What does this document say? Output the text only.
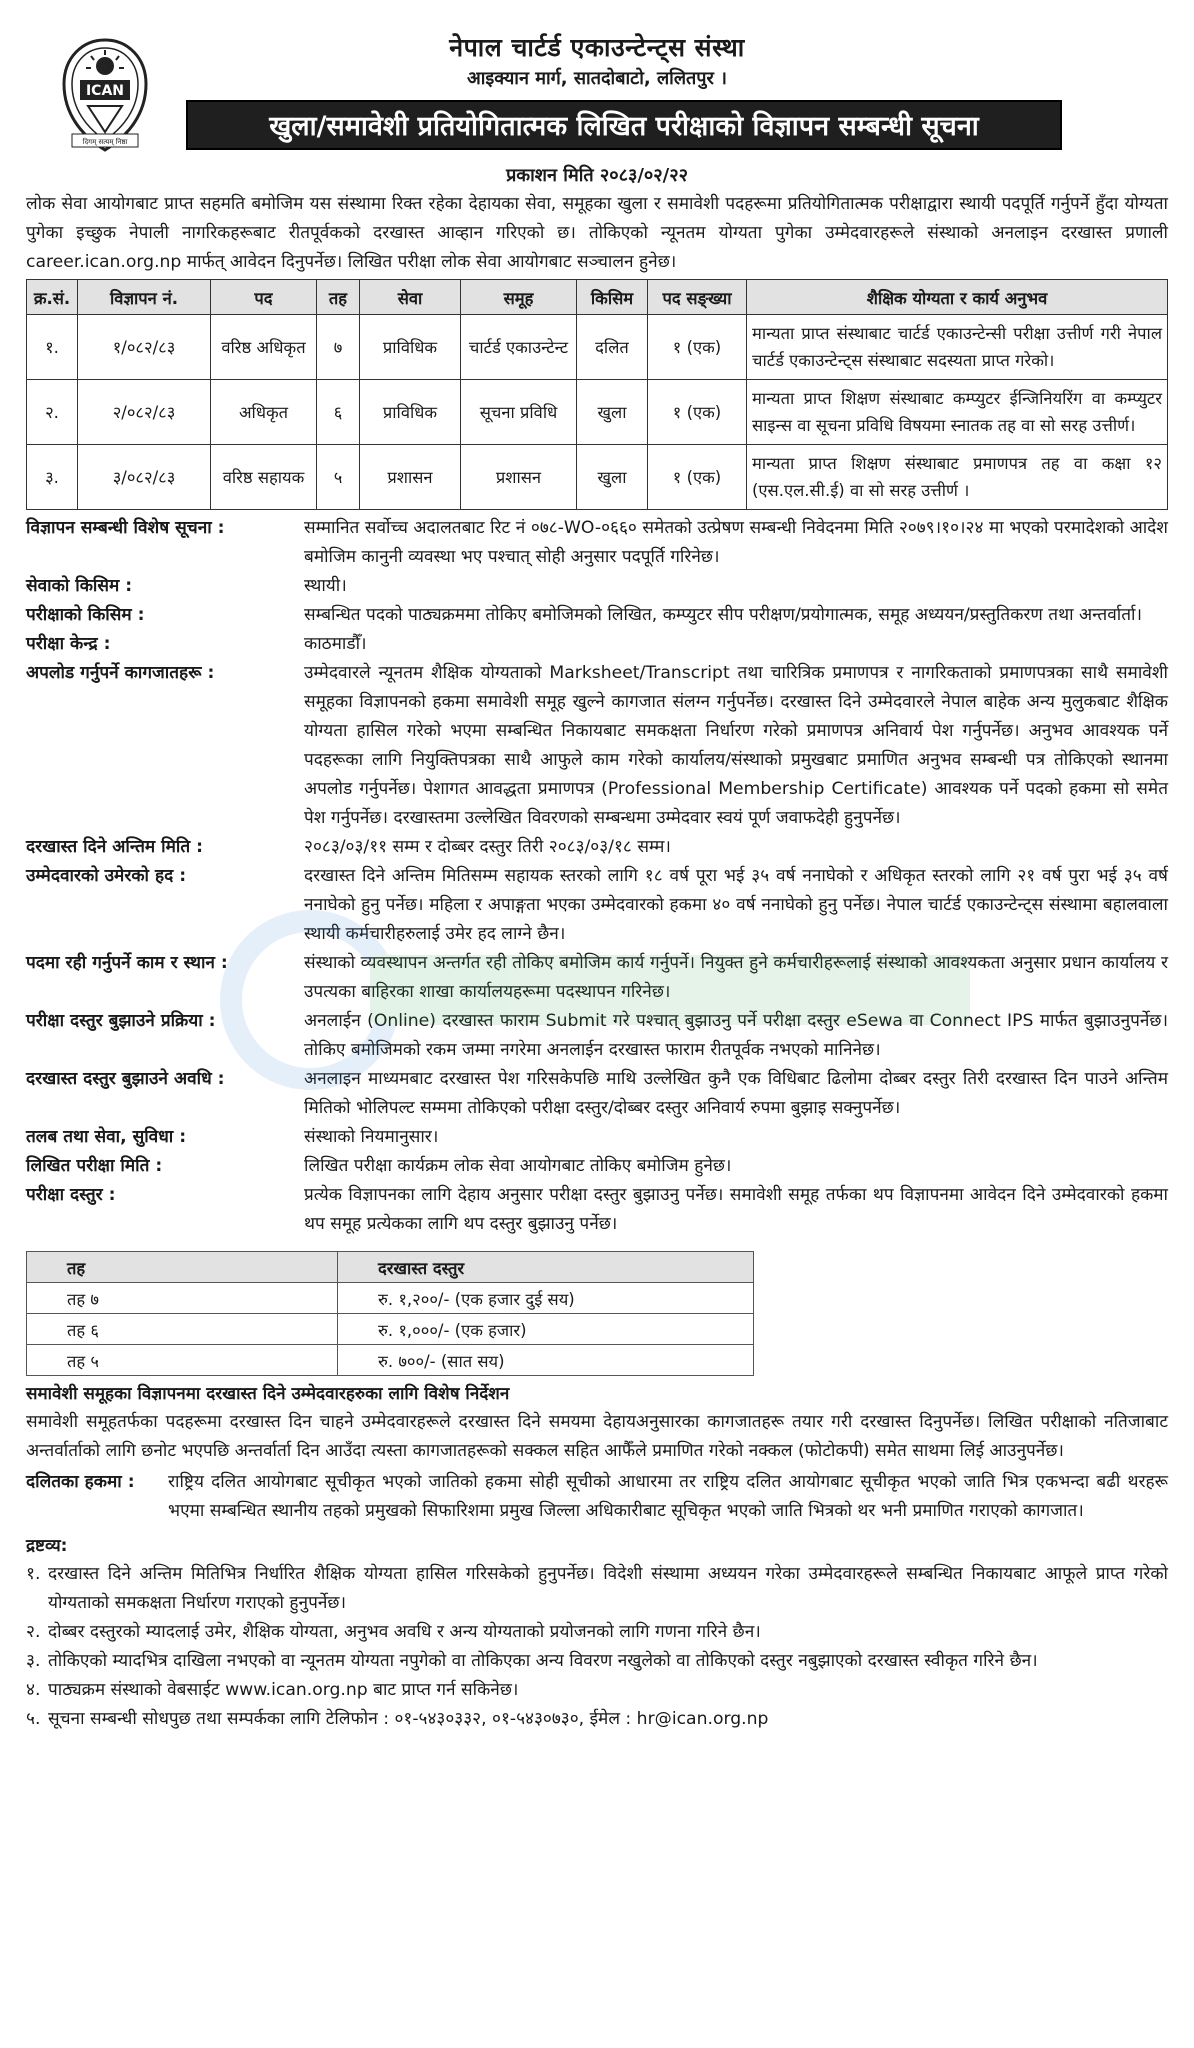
ICAN
दिगम्‌ सत्यम् निष्ठा
नेपाल चार्टर्ड एकाउन्टेन्ट्स संस्था
आइक्यान मार्ग, सातदोबाटो, ललितपुर ।
खुला/समावेशी प्रतियोगितात्मक लिखित परीक्षाको विज्ञापन सम्बन्धी सूचना
प्रकाशन मिति २०८३/०२/२२

लोक सेवा आयोगबाट प्राप्त सहमति बमोजिम यस संस्थामा रिक्त रहेका देहायका सेवा, समूहका खुला र समावेशी पदहरूमा प्रतियोगितात्मक परीक्षाद्वारा स्थायी पदपूर्ति गर्नुपर्ने हुँदा योग्यता पुगेका इच्छुक नेपाली नागरिकहरूबाट रीतपूर्वकको दरखास्त आव्हान गरिएको छ। तोकिएको न्यूनतम योग्यता पुगेका उम्मेदवारहरूले संस्थाको अनलाइन दरखास्त प्रणाली career.ican.org.np मार्फत् आवेदन दिनुपर्नेछ। लिखित परीक्षा लोक सेवा आयोगबाट सञ्चालन हुनेछ।

क्र.सं.	विज्ञापन नं.	पद	तह	सेवा	समूह	किसिम	पद सङ्ख्या	शैक्षिक योग्यता र कार्य अनुभव
१.	१/०८२/८३	वरिष्ठ अधिकृत	७	प्राविधिक	चार्टर्ड एकाउन्टेन्ट	दलित	१ (एक)	मान्यता प्राप्त संस्थाबाट चार्टर्ड एकाउन्टेन्सी परीक्षा उत्तीर्ण गरी नेपाल चार्टर्ड एकाउन्टेन्ट्स संस्थाबाट सदस्यता प्राप्त गरेको।
२.	२/०८२/८३	अधिकृत	६	प्राविधिक	सूचना प्रविधि	खुला	१ (एक)	मान्यता प्राप्त शिक्षण संस्थाबाट कम्प्युटर ईन्जिनियरिंग वा कम्प्युटर साइन्स वा सूचना प्रविधि विषयमा स्नातक तह वा सो सरह उत्तीर्ण।
३.	३/०८२/८३	वरिष्ठ सहायक	५	प्रशासन	प्रशासन	खुला	१ (एक)	मान्यता प्राप्त शिक्षण संस्थाबाट प्रमाणपत्र तह वा कक्षा १२ (एस.एल.सी.ई) वा सो सरह उत्तीर्ण ।
विज्ञापन सम्बन्धी विशेष सूचना :	सम्मानित सर्वोच्च अदालतबाट रिट नं ०७८-WO-०६६० समेतको उत्प्रेषण सम्बन्धी निवेदनमा मिति २०७९।१०।२४ मा भएको परमादेशको आदेश बमोजिम कानुनी व्यवस्था भए पश्चात् सोही अनुसार पदपूर्ति गरिनेछ।
सेवाको किसिम :	स्थायी।
परीक्षाको किसिम :	सम्बन्धित पदको पाठ्यक्रममा तोकिए बमोजिमको लिखित, कम्प्युटर सीप परीक्षण/प्रयोगात्मक, समूह अध्ययन/प्रस्तुतिकरण तथा अन्तर्वार्ता।
परीक्षा केन्द्र :	काठमाडौँ।
अपलोड गर्नुपर्ने कागजातहरू :	उम्मेदवारले न्यूनतम शैक्षिक योग्यताको Marksheet/Transcript तथा चारित्रिक प्रमाणपत्र र नागरिकताको प्रमाणपत्रका साथै समावेशी समूहका विज्ञापनको हकमा समावेशी समूह खुल्ने कागजात संलग्न गर्नुपर्नेछ। दरखास्त दिने उम्मेदवारले नेपाल बाहेक अन्य मुलुकबाट शैक्षिक योग्यता हासिल गरेको भएमा सम्बन्धित निकायबाट समकक्षता निर्धारण गरेको प्रमाणपत्र अनिवार्य पेश गर्नुपर्नेछ। अनुभव आवश्यक पर्ने पदहरूका लागि नियुक्तिपत्रका साथै आफुले काम गरेको कार्यालय/संस्थाको प्रमुखबाट प्रमाणित अनुभव सम्बन्धी पत्र तोकिएको स्थानमा अपलोड गर्नुपर्नेछ। पेशागत आवद्धता प्रमाणपत्र (Professional Membership Certificate) आवश्यक पर्ने पदको हकमा सो समेत पेश गर्नुपर्नेछ। दरखास्तमा उल्लेखित विवरणको सम्बन्धमा उम्मेदवार स्वयं पूर्ण जवाफदेही हुनुपर्नेछ।
दरखास्त दिने अन्तिम मिति :	२०८३/०३/११ सम्म र दोब्बर दस्तुर तिरी २०८३/०३/१८ सम्म।
उम्मेदवारको उमेरको हद :	दरखास्त दिने अन्तिम मितिसम्म सहायक स्तरको लागि १८ वर्ष पूरा भई ३५ वर्ष ननाघेको र अधिकृत स्तरको लागि २१ वर्ष पुरा भई ३५ वर्ष ननाघेको हुनु पर्नेछ। महिला र अपाङ्गता भएका उम्मेदवारको हकमा ४० वर्ष ननाघेको हुनु पर्नेछ। नेपाल चार्टर्ड एकाउन्टेन्ट्स संस्थामा बहालवाला स्थायी कर्मचारीहरुलाई उमेर हद लाग्ने छैन।
पदमा रही गर्नुपर्ने काम र स्थान :	संस्थाको व्यवस्थापन अन्तर्गत रही तोकिए बमोजिम कार्य गर्नुपर्ने। नियुक्त हुने कर्मचारीहरूलाई संस्थाको आवश्यकता अनुसार प्रधान कार्यालय र उपत्यका बाहिरका शाखा कार्यालयहरूमा पदस्थापन गरिनेछ।
परीक्षा दस्तुर बुझाउने प्रक्रिया :	अनलाईन (Online) दरखास्त फाराम Submit गरे पश्चात् बुझाउनु पर्ने परीक्षा दस्तुर eSewa वा Connect IPS मार्फत बुझाउनुपर्नेछ। तोकिए बमोजिमको रकम जम्मा नगरेमा अनलाईन दरखास्त फाराम रीतपूर्वक नभएको मानिनेछ।
दरखास्त दस्तुर बुझाउने अवधि :	अनलाइन माध्यमबाट दरखास्त पेश गरिसकेपछि माथि उल्लेखित कुनै एक विधिबाट ढिलोमा दोब्बर दस्तुर तिरी दरखास्त दिन पाउने अन्तिम मितिको भोलिपल्ट सम्ममा तोकिएको परीक्षा दस्तुर/दोब्बर दस्तुर अनिवार्य रुपमा बुझाइ सक्नुपर्नेछ।
तलब तथा सेवा, सुविधा :	संस्थाको नियमानुसार।
लिखित परीक्षा मिति :	लिखित परीक्षा कार्यक्रम लोक सेवा आयोगबाट तोकिए बमोजिम हुनेछ।
परीक्षा दस्तुर :	प्रत्येक विज्ञापनका लागि देहाय अनुसार परीक्षा दस्तुर बुझाउनु पर्नेछ। समावेशी समूह तर्फका थप विज्ञापनमा आवेदन दिने उम्मेदवारको हकमा थप समूह प्रत्येकका लागि थप दस्तुर बुझाउनु पर्नेछ।
तह	दरखास्त दस्तुर
तह ७	रु. १,२००/- (एक हजार दुई सय)
तह ६	रु. १,०००/- (एक हजार)
तह ५	रु. ७००/- (सात सय)
समावेशी समूहका विज्ञापनमा दरखास्त दिने उम्मेदवारहरुका लागि विशेष निर्देशन

समावेशी समूहतर्फका पदहरूमा दरखास्त दिन चाहने उम्मेदवारहरूले दरखास्त दिने समयमा देहायअनुसारका कागजातहरू तयार गरी दरखास्त दिनुपर्नेछ। लिखित परीक्षाको नतिजाबाट अन्तर्वार्ताको लागि छनोट भएपछि अन्तर्वार्ता दिन आउँदा त्यस्ता कागजातहरूको सक्कल सहित आफैँले प्रमाणित गरेको नक्कल (फोटोकपी) समेत साथमा लिई आउनुपर्नेछ।

दलितका हकमा :	राष्ट्रिय दलित आयोगबाट सूचीकृत भएको जातिको हकमा सोही सूचीको आधारमा तर राष्ट्रिय दलित आयोगबाट सूचीकृत भएको जाति भित्र एकभन्दा बढी थरहरू भएमा सम्बन्धित स्थानीय तहको प्रमुखको सिफारिशमा प्रमुख जिल्ला अधिकारीबाट सूचिकृत भएको जाति भित्रको थर भनी प्रमाणित गराएको कागजात।
द्रष्टव्य:
१. दरखास्त दिने अन्तिम मितिभित्र निर्धारित शैक्षिक योग्यता हासिल गरिसकेको हुनुपर्नेछ। विदेशी संस्थामा अध्ययन गरेका उम्मेदवारहरूले सम्बन्धित निकायबाट आफूले प्राप्त गरेको योग्यताको समकक्षता निर्धारण गराएको हुनुपर्नेछ।
२. दोब्बर दस्तुरको म्यादलाई उमेर, शैक्षिक योग्यता, अनुभव अवधि र अन्य योग्यताको प्रयोजनको लागि गणना गरिने छैन।
३. तोकिएको म्यादभित्र दाखिला नभएको वा न्यूनतम योग्यता नपुगेको वा तोकिएका अन्य विवरण नखुलेको वा तोकिएको दस्तुर नबुझाएको दरखास्त स्वीकृत गरिने छैन।
४. पाठ्यक्रम संस्थाको वेबसाईट www.ican.org.np बाट प्राप्त गर्न सकिनेछ।
५. सूचना सम्बन्धी सोधपुछ तथा सम्पर्कका लागि टेलिफोन : ०१-५४३०३३२, ०१-५४३०७३०, ईमेल : hr@ican.org.np
